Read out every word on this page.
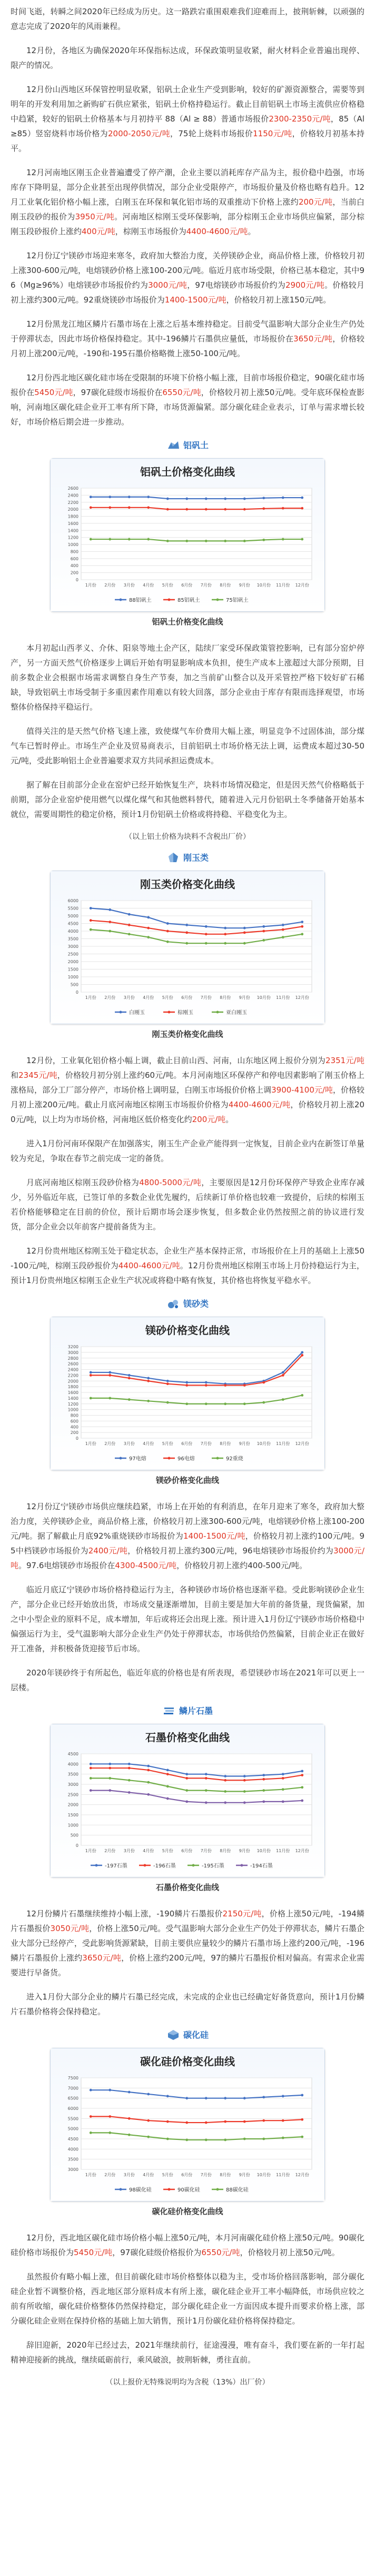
时间飞逝，转瞬之间2020年已经成为历史。这一路跌宕重围艰难我们迎难而上，披荆斩棘，以顽强的意志完成了2020年的风雨兼程。

12月份，各地区为确保2020年环保指标达成，环保政策明显收紧，耐火材料企业普遍出现停、限产的情况。

12月份山西地区环保管控明显收紧，铝矾土企业生产受到影响，较好的矿源资源整合，需要等到明年的开发利用加之新购矿石供应紧张，铝矾土价格持稳运行。截止目前铝矾土市场主流供应价格稳中趋紧，较好的铝矾土价格基本与月初持平 88（Al ≥ 88）普通市场报价2300-2350元/吨，85（Al≥85）竖窑烧料市场价格为2000-2050元/吨，75轮上烧料市场报价1150元/吨，价格较月初基本持平。

12月河南地区刚玉企业普遍遭受了停产潮，企业主要以消耗库存产品为主，报价稳中趋强，市场库存下降明显，部分企业甚至出现停供情况，部分企业受限停产，市场报价量及价格也略有趋升。12月工业氧化铝价格小幅上涨，白刚玉在环保和氧化铝市场的双重推动下价格上涨约200元/吨，当前白刚玉段砂的报价为3950元/吨。河南地区棕刚玉受环保影响，部分棕刚玉企业市场供应偏紧，部分棕刚玉段砂报价上涨约400元/吨，棕刚玉市场报价为4400-4600元/吨。

12月份辽宁镁砂市场迎来寒冬，政府加大整治力度，关停镁砂企业，商品价格上涨，价格较月初上涨300-600元/吨，电熔镁砂价格上涨100-200元/吨。临近月底市场受限，价格已基本稳定，其中96（Mg≥96%）电熔镁砂市场报价约为3000元/吨，97电熔镁砂市场报价约为2900元/吨。价格较月初上涨约300元/吨。92重烧镁砂市场报价为1400-1500元/吨，价格较月初上涨150元/吨。

12月份黑龙江地区鳞片石墨市场在上涨之后基本维持稳定。目前受气温影响大部分企业生产仍处于停滞状态，因此市场价格保持稳定。其中-196鳞片石墨供应量低，市场报价在3650元/吨，价格较月初上涨200元/吨，-190和-195石墨价格略微上涨50-100元/吨。

12月份西北地区碳化硅市场在受限制的环境下价格小幅上涨，目前市场报价稳定，90碳化硅市场报价在5450元/吨，97碳化硅级市场报价在6550元/吨，价格较月初上涨50元/吨。受年底环保检查影响，河南地区碳化硅企业开工率有所下降，市场货源偏紧。部分碳化硅企业表示，订单与需求增长较好，市场价格后期会进一步推动。

铝矾土
铝矾土价格变化曲线
0
200
400
600
800
1000
1200
1400
1600
1800
2000
2200
2400
2600
1月份 2月份 3月份 4月份 5月份 6月份 7月份 8月份 9月份 10月份 11月份 12月份
88铝矾土	85铝矾土	75铝矾土
铝矾土价格变化曲线

本月初起山西孝义、介休、阳泉等地土企产区，陆续厂家受环保政策管控影响，已有部分窑炉停产，另一方面天然气价格逐步上调后开始有明显影响成本负担，使生产成本上涨超过大部分预期，目前多数企业会根据市场需求调整自身生产节奏，加之当前矿山整合以及开采管控严格下较好矿石稀缺，导致铝矾土市场受制于多重因素作用难以有较大回落，部分企业由于库存有限而选择观望，市场整体价格保持平稳运行。

值得关注的是天然气价格飞速上涨，致使煤气车价费用大幅上涨，明显竞争不过固体油，部分煤气车已暂时停止。市场生产企业及贸易商表示，目前铝矾土市场价格无法上调，运费成本超过30-50元/吨，受此影响铝土企业普遍要求双方共同承担运费成本。

据了解在目前部分企业在窑炉已经开始恢复生产，块料市场情况稳定，但是因天然气价格略低于前期，部分企业窑炉使用燃气以煤化煤气和其他燃料替代，随着进入元月份铝矾土冬季储备开始基本就位，需要周期性的稳定价格，预计1月份铝矾土价格或将持稳、平稳变化为主。

（以上铝土价格为块料不含税出厂价）
刚玉类
刚玉类价格变化曲线
0
500
1000
1500
2000
2500
3000
3500
4000
4500
5000
5500
6000
1月份 2月份 3月份 4月份 5月份 6月份 7月份 8月份 9月份 10月份 11月份 12月份
白刚玉	棕刚玉	亚白刚玉
刚玉类价格变化曲线

12月份，工业氧化铝价格小幅上调，截止目前山西、河南，山东地区网上报价分别为2351元/吨和2345元/吨，价格较月初分别上涨约60元/吨。本月河南地区环保停产和停电因素影响了刚玉价格上涨格局，部分工厂部分停产，市场价格上调明显，白刚玉市场报价价格上调3900-4100元/吨，价格较月初上涨200元/吨。截止月底河南地区棕刚玉市场报价价格为4400-4600元/吨，价格较月初上涨200元/吨，以上均为市场价格，河南地区低价格变化约200元/吨。

进入1月份河南环保限产在加强落实，刚玉生产企业产能得到一定恢复，目前企业内在新签订单量较为充足，争取在春节之前完成一定的备货。

月底河南地区棕刚玉段砂价格为4800-5000元/吨，主要原因是12月份环保停产导致企业库存减少，另外临近年底，已签订单的多数企业优先履约，后续新订单价格也较难一致提价，后续的棕刚玉若价格能够稳定在目前的价位，预计后期市场会逐步恢复，但多数企业仍然按照之前的协议进行发货，部分企业会以年前客户提前备货为主。

12月份贵州地区棕刚玉处于稳定状态，企业生产基本保持正常，市场报价在上月的基础上上涨50-100元/吨，棕刚玉段砂报价为4400-4600元/吨。12月份贵州地区棕刚玉市场上月份持稳运行为主，预计1月份贵州地区棕刚玉企业生产状况或将稳中略有恢复，其价格也将恢复平稳水平。

镁砂类
镁砂价格变化曲线
0
200
400
600
800
1000
1200
1400
1600
1800
2000
2200
2400
2600
2800
3000
3200
1月份 2月份 3月份 4月份 5月份 6月份 7月份 8月份 9月份 10月份 11月份 12月份
97电熔	96电熔	92重烧
镁砂价格变化曲线

12月份辽宁镁砂市场供应继续趋紧，市场上在开始的有利消息，在年月迎来了寒冬，政府加大整治力度，关停镁砂企业，商品价格上涨，价格较月初上涨300-600元/吨，电熔镁砂价格上涨100-200元/吨。据了解截止月底92%重烧镁砂市场报价为1400-1500元/吨，价格较月初上涨约100元/吨。95中档镁砂市场报价为2400元/吨，价格较月初上涨约300元/吨，96电熔镁砂市场报价约为3000元/吨。97.6电熔镁砂市场报价在4300-4500元/吨，价格较月初上涨约400-500元/吨。

临近月底辽宁镁砂市场价格持稳运行为主，各种镁砂市场价格也逐渐平稳。受此影响镁砂企业生产，部分企业已经开始放出货，市场成交量逐渐增加，目前主要是加大年前的备货量，现货偏紧，加之中小型企业的原料不足，成本增加，年后或将还会出现上涨。预计进入1月份辽宁镁砂市场价格稳中偏强运行为主，受气温影响大部分企业生产仍处于停滞状态，市场供给仍然偏紧，目前企业正在做好开工准备，并积极备货迎接节后市场。

2020年镁砂终于有所起色，临近年底的价格也是有所表现，希望镁砂市场在2021年可以更上一层楼。

鳞片石墨
石墨价格变化曲线
0
500
1000
1500
2000
2500
3000
3500
4000
4500
1月份 2月份 3月份 4月份 5月份 6月份 7月份 8月份 9月份 10月份 11月份 12月份
-197石墨	-196石墨	-195石墨	-194石墨
石墨价格变化曲线

12月份鳞片石墨继续维持小幅上涨，-190鳞片石墨报价2150元/吨，价格上涨50元/吨，-194鳞片石墨报价3050元/吨，价格上涨50元/吨。受气温影响大部分企业生产仍处于停滞状态，鳞片石墨企业大部分已经停产，受此影响货源紧缺，目前主要供应量较少的鳞片石墨市场上涨约200元/吨，-196鳞片石墨报价上涨约3650元/吨，价格上涨约200元/吨，97的鳞片石墨报价相对偏高。有需求企业需要进行早备货。

进入1月份大部分企业的鳞片石墨已经完成，未完成的企业也已经确定好备货意向，预计1月份鳞片石墨价格将会保持稳定。

碳化硅
碳化硅价格变化曲线
3000
3500
4000
4500
5000
5500
6000
6500
7000
7500
1月份 2月份 3月份 4月份 5月份 6月份 7月份 8月份 9月份 10月份 11月份 12月份
98碳化硅	90碳化硅	88碳化硅
碳化硅价格变化曲线

12月份，西北地区碳化硅市场价格小幅上涨50元/吨，本月河南碳化硅价格上涨50元/吨。90碳化硅价格市场报价为5450元/吨，97碳化硅级价格报价为6550元/吨，价格较月初上涨50元/吨。

虽然报价有略小幅上涨，但目前碳化硅市场价格整体以稳为主，受市场价格回落影响，部分碳化硅企业暂不调整价格，西北地区部分原料成本有所上涨，碳化硅企业开工率小幅降低，市场供应较之前有所收缩，碳化硅价格整体仍然保持稳定，部分碳化硅企业一方面因成本提升而要求价格上涨，部分碳化硅企业则在保持价格的基础上加大销售，预计1月份碳化硅价格将保持稳定。

辞旧迎新，2020年已经过去，2021年继续前行，征途漫漫，唯有奋斗，我们要在新的一年打起精神迎接新的挑战，继续砥砺前行，乘风破浪，披荆斩棘，勇往直前。

（以上报价无特殊说明均为含税（13%）出厂价）
